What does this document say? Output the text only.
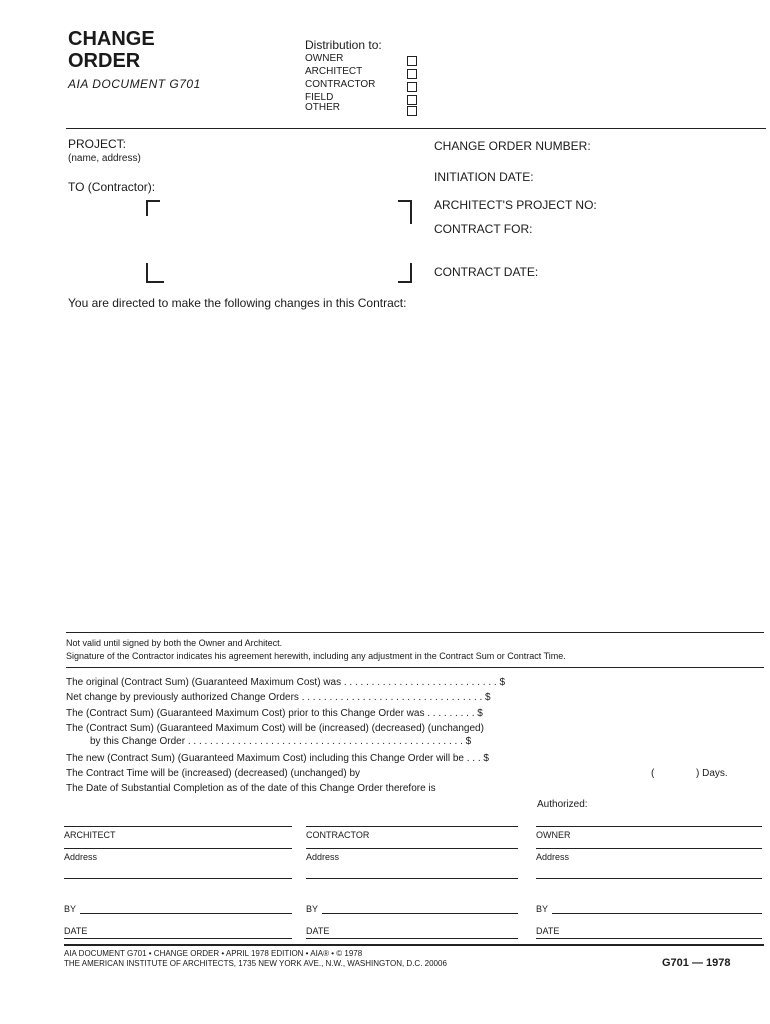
CHANGE
ORDER
AIA DOCUMENT G701
Distribution to:
OWNER
ARCHITECT
CONTRACTOR
FIELD
OTHER
PROJECT:
(name, address)
TO (Contractor):
CHANGE ORDER NUMBER:
INITIATION DATE:
ARCHITECT'S PROJECT NO:
CONTRACT FOR:
CONTRACT DATE:
You are directed to make the following changes in this Contract:
Not valid until signed by both the Owner and Architect.
Signature of the Contractor indicates his agreement herewith, including any adjustment in the Contract Sum or Contract Time.
The original (Contract Sum) (Guaranteed Maximum Cost) was . . . . . . . . . . . . . . . . . . . . . . . . . . . . $
Net change by previously authorized Change Orders . . . . . . . . . . . . . . . . . . . . . . . . . . . . . . . . . $
The (Contract Sum) (Guaranteed Maximum Cost) prior to this Change Order was . . . . . . . . . $
The (Contract Sum) (Guaranteed Maximum Cost) will be (increased) (decreased) (unchanged)
by this Change Order . . . . . . . . . . . . . . . . . . . . . . . . . . . . . . . . . . . . . . . . . . . . . . . . . . $
The new (Contract Sum) (Guaranteed Maximum Cost) including this Change Order will be . . . $
The Contract Time will be (increased) (decreased) (unchanged) by	(	) Days.
The Date of Substantial Completion as of the date of this Change Order therefore is
Authorized:
ARCHITECT	CONTRACTOR	OWNER
Address	Address	Address
BY	BY	BY
DATE	DATE	DATE
AIA DOCUMENT G701 • CHANGE ORDER • APRIL 1978 EDITION • AIA® • © 1978
THE AMERICAN INSTITUTE OF ARCHITECTS, 1735 NEW YORK AVE., N.W., WASHINGTON, D.C. 20006	G701 — 1978
